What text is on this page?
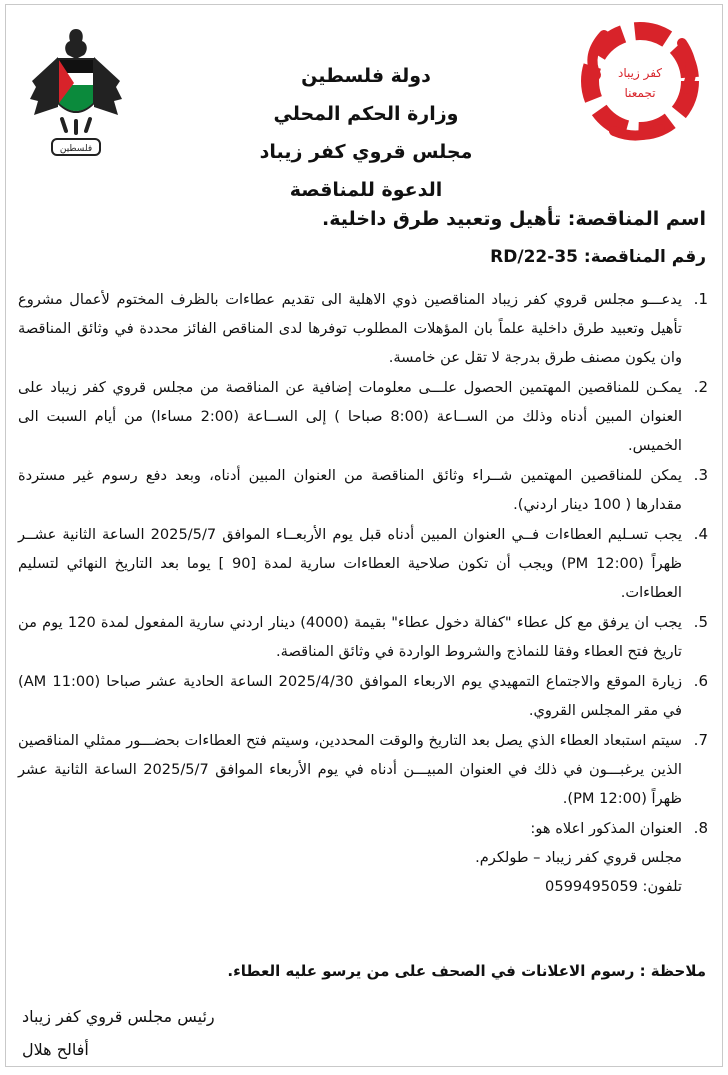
كفر زيباد
تجمعنا
فلسطين
دولة فلسطين
وزارة الحكم المحلي
مجلس قروي كفر زيباد
الدعوة للمناقصة
اسم المناقصة: تأهيل وتعبيد طرق داخلية.
رقم المناقصة: 35-22/RD
1 .
يدعـــو مجلس قروي كفر زيباد المناقصين ذوي الاهلية الى تقديم عطاءات بالظرف المختوم لأعمال مشروع تأهيل وتعبيد طرق داخلية علماً بان المؤهلات المطلوب توفرها لدى المناقص الفائز محددة في وثائق المناقصة وان يكون مصنف طرق بدرجة لا تقل عن خامسة.
2 .
يمكـن للمناقصين المهتمين الحصول علـــى معلومات إضافية عن المناقصة من مجلس قروي كفر زيباد على العنوان المبين أدناه وذلك من الســاعة (8:00 صباحا ) إلى الســاعة (2:00 مساءا) من أيام السبت الى الخميس.
3 .
يمكن للمناقصين المهتمين شــراء وثائق المناقصة من العنوان المبين أدناه، وبعد دفع رسوم غير مستردة مقدارها ( 100 دينار اردني).
4 .
يجب تسـليم العطاءات فــي العنوان المبين أدناه قبل يوم الأربعــاء الموافق 2025/5/7 الساعة الثانية عشــر ظهراً (12:00 PM) ويجب أن تكون صلاحية العطاءات سارية لمدة [90 ] يوما بعد التاريخ النهائي لتسليم العطاءات.
5 .
يجب ان يرفق مع كل عطاء "كفالة دخول عطاء" بقيمة (4000) دينار اردني سارية المفعول لمدة 120 يوم من تاريخ فتح العطاء وفقا للنماذج والشروط الواردة في وثائق المناقصة.
6 .
زيارة الموقع والاجتماع التمهيدي يوم الاربعاء الموافق 2025/4/30 الساعة الحادية عشر صباحا (11:00 AM) في مقر المجلس القروي.
7 .
سيتم استبعاد العطاء الذي يصل بعد التاريخ والوقت المحددين، وسيتم فتح العطاءات بحضـــور ممثلي المناقصين الذين يرغبـــون في ذلك في العنوان المبيـــن أدناه في يوم الأربعاء الموافق 2025/5/7 الساعة الثانية عشر ظهراً (12:00 PM).
8 .
العنوان المذكور اعلاه هو:
مجلس قروي كفر زيباد – طولكرم.
تلفون: 0599495059
ملاحظة : رسوم الاعلانات في الصحف على من يرسو عليه العطاء.
رئيس مجلس قروي كفر زيباد
أفالح هلال
